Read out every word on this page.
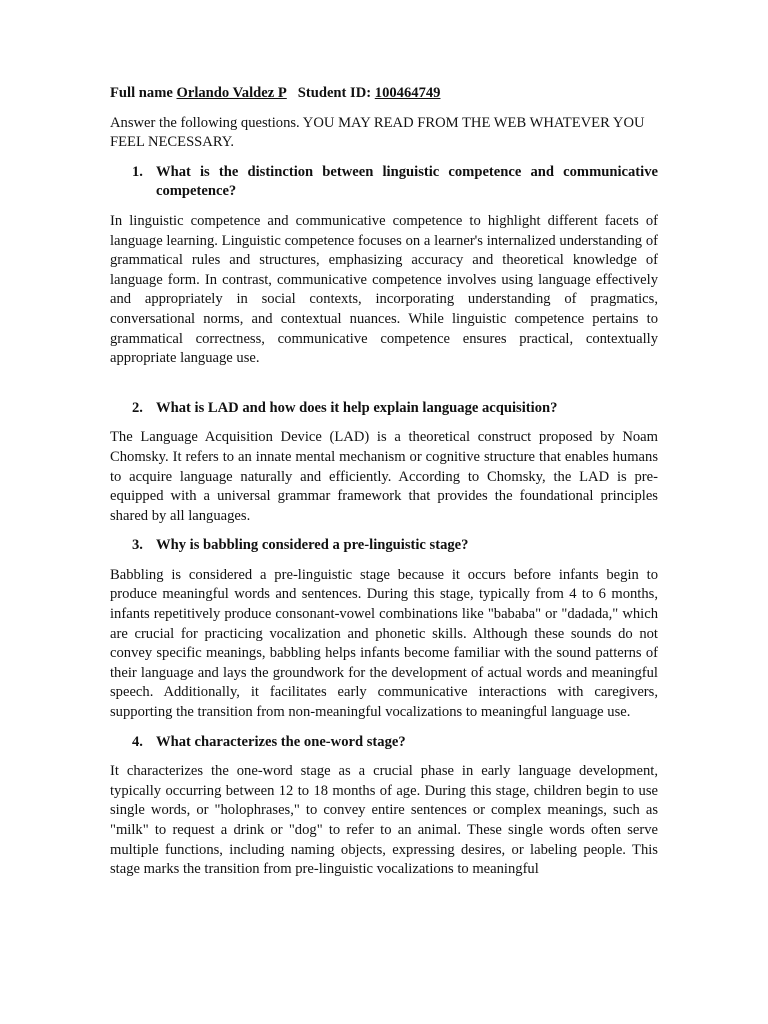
Full name Orlando Valdez P Student ID: 100464749

Answer the following questions. YOU MAY READ FROM THE WEB WHATEVER YOU FEEL NECESSARY.

1. What is the distinction between linguistic competence and communicative competence?

In linguistic competence and communicative competence to highlight different facets of language learning. Linguistic competence focuses on a learner's internalized understanding of grammatical rules and structures, emphasizing accuracy and theoretical knowledge of language form. In contrast, communicative competence involves using language effectively and appropriately in social contexts, incorporating understanding of pragmatics, conversational norms, and contextual nuances. While linguistic competence pertains to grammatical correctness, communicative competence ensures practical, contextually appropriate language use.

2. What is LAD and how does it help explain language acquisition?

The Language Acquisition Device (LAD) is a theoretical construct proposed by Noam Chomsky. It refers to an innate mental mechanism or cognitive structure that enables humans to acquire language naturally and efficiently. According to Chomsky, the LAD is pre-equipped with a universal grammar framework that provides the foundational principles shared by all languages.

3. Why is babbling considered a pre-linguistic stage?

Babbling is considered a pre-linguistic stage because it occurs before infants begin to produce meaningful words and sentences. During this stage, typically from 4 to 6 months, infants repetitively produce consonant-vowel combinations like "bababa" or "dadada," which are crucial for practicing vocalization and phonetic skills. Although these sounds do not convey specific meanings, babbling helps infants become familiar with the sound patterns of their language and lays the groundwork for the development of actual words and meaningful speech. Additionally, it facilitates early communicative interactions with caregivers, supporting the transition from non-meaningful vocalizations to meaningful language use.

4. What characterizes the one-word stage?

It characterizes the one-word stage as a crucial phase in early language development, typically occurring between 12 to 18 months of age. During this stage, children begin to use single words, or "holophrases," to convey entire sentences or complex meanings, such as "milk" to request a drink or "dog" to refer to an animal. These single words often serve multiple functions, including naming objects, expressing desires, or labeling people. This stage marks the transition from pre-linguistic vocalizations to meaningful
